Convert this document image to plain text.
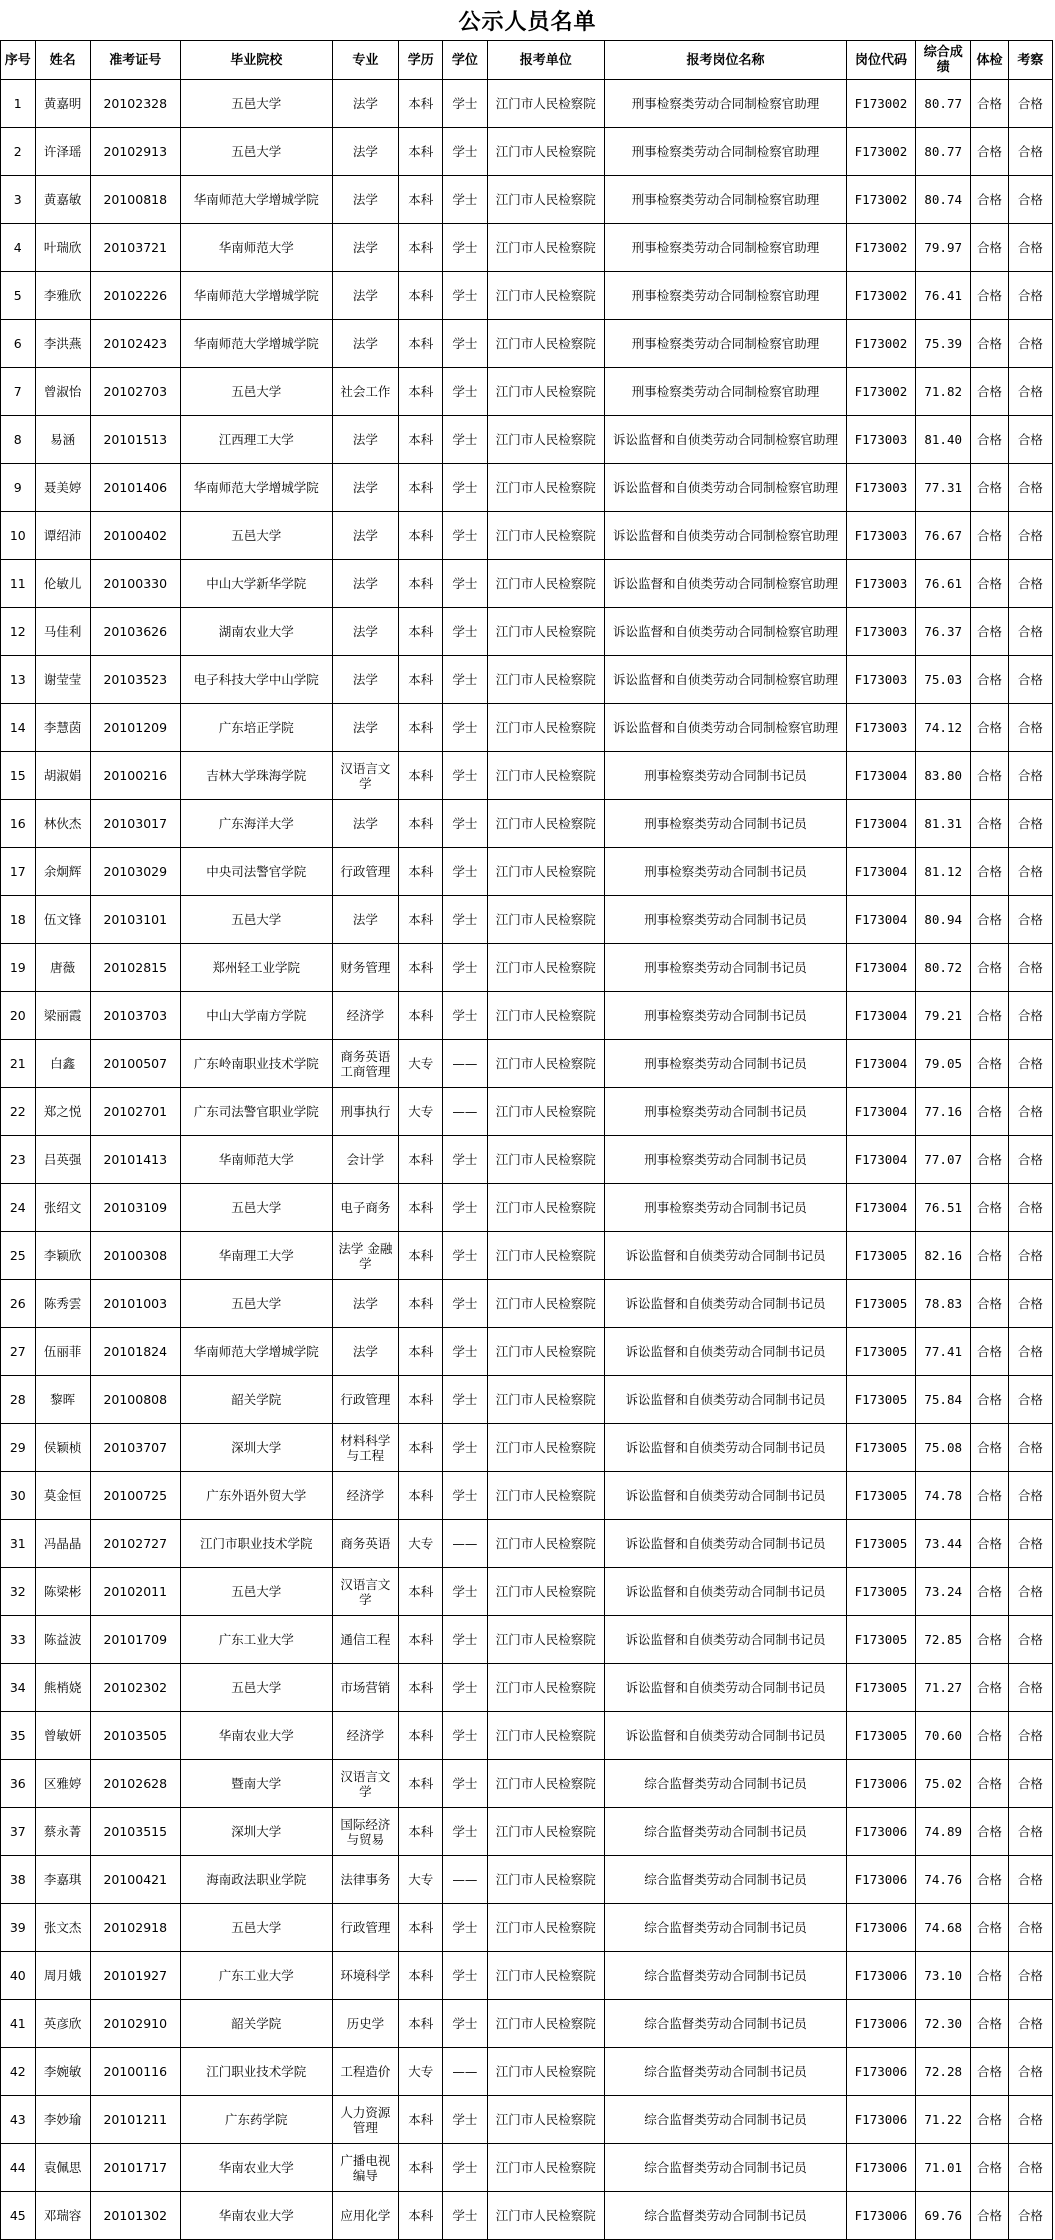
公示人员名单
序号	姓名	准考证号	毕业院校	专业	学历	学位	报考单位	报考岗位名称	岗位代码	综合成绩	体检	考察
1	黄嘉明	20102328	五邑大学	法学	本科	学士	江门市人民检察院	刑事检察类劳动合同制检察官助理	F173002	80.77	合格	合格
2	许泽瑶	20102913	五邑大学	法学	本科	学士	江门市人民检察院	刑事检察类劳动合同制检察官助理	F173002	80.77	合格	合格
3	黄嘉敏	20100818	华南师范大学增城学院	法学	本科	学士	江门市人民检察院	刑事检察类劳动合同制检察官助理	F173002	80.74	合格	合格
4	叶瑞欣	20103721	华南师范大学	法学	本科	学士	江门市人民检察院	刑事检察类劳动合同制检察官助理	F173002	79.97	合格	合格
5	李雅欣	20102226	华南师范大学增城学院	法学	本科	学士	江门市人民检察院	刑事检察类劳动合同制检察官助理	F173002	76.41	合格	合格
6	李洪燕	20102423	华南师范大学增城学院	法学	本科	学士	江门市人民检察院	刑事检察类劳动合同制检察官助理	F173002	75.39	合格	合格
7	曾淑怡	20102703	五邑大学	社会工作	本科	学士	江门市人民检察院	刑事检察类劳动合同制检察官助理	F173002	71.82	合格	合格
8	易涵	20101513	江西理工大学	法学	本科	学士	江门市人民检察院	诉讼监督和自侦类劳动合同制检察官助理	F173003	81.40	合格	合格
9	聂美婷	20101406	华南师范大学增城学院	法学	本科	学士	江门市人民检察院	诉讼监督和自侦类劳动合同制检察官助理	F173003	77.31	合格	合格
10	谭绍沛	20100402	五邑大学	法学	本科	学士	江门市人民检察院	诉讼监督和自侦类劳动合同制检察官助理	F173003	76.67	合格	合格
11	伦敏儿	20100330	中山大学新华学院	法学	本科	学士	江门市人民检察院	诉讼监督和自侦类劳动合同制检察官助理	F173003	76.61	合格	合格
12	马佳利	20103626	湖南农业大学	法学	本科	学士	江门市人民检察院	诉讼监督和自侦类劳动合同制检察官助理	F173003	76.37	合格	合格
13	谢莹莹	20103523	电子科技大学中山学院	法学	本科	学士	江门市人民检察院	诉讼监督和自侦类劳动合同制检察官助理	F173003	75.03	合格	合格
14	李慧茵	20101209	广东培正学院	法学	本科	学士	江门市人民检察院	诉讼监督和自侦类劳动合同制检察官助理	F173003	74.12	合格	合格
15	胡淑娟	20100216	吉林大学珠海学院	汉语言文学	本科	学士	江门市人民检察院	刑事检察类劳动合同制书记员	F173004	83.80	合格	合格
16	林伙杰	20103017	广东海洋大学	法学	本科	学士	江门市人民检察院	刑事检察类劳动合同制书记员	F173004	81.31	合格	合格
17	余炯辉	20103029	中央司法警官学院	行政管理	本科	学士	江门市人民检察院	刑事检察类劳动合同制书记员	F173004	81.12	合格	合格
18	伍文锋	20103101	五邑大学	法学	本科	学士	江门市人民检察院	刑事检察类劳动合同制书记员	F173004	80.94	合格	合格
19	唐薇	20102815	郑州轻工业学院	财务管理	本科	学士	江门市人民检察院	刑事检察类劳动合同制书记员	F173004	80.72	合格	合格
20	梁丽霞	20103703	中山大学南方学院	经济学	本科	学士	江门市人民检察院	刑事检察类劳动合同制书记员	F173004	79.21	合格	合格
21	白鑫	20100507	广东岭南职业技术学院	商务英语工商管理	大专	——	江门市人民检察院	刑事检察类劳动合同制书记员	F173004	79.05	合格	合格
22	郑之悦	20102701	广东司法警官职业学院	刑事执行	大专	——	江门市人民检察院	刑事检察类劳动合同制书记员	F173004	77.16	合格	合格
23	吕英强	20101413	华南师范大学	会计学	本科	学士	江门市人民检察院	刑事检察类劳动合同制书记员	F173004	77.07	合格	合格
24	张绍文	20103109	五邑大学	电子商务	本科	学士	江门市人民检察院	刑事检察类劳动合同制书记员	F173004	76.51	合格	合格
25	李颖欣	20100308	华南理工大学	法学 金融学	本科	学士	江门市人民检察院	诉讼监督和自侦类劳动合同制书记员	F173005	82.16	合格	合格
26	陈秀雲	20101003	五邑大学	法学	本科	学士	江门市人民检察院	诉讼监督和自侦类劳动合同制书记员	F173005	78.83	合格	合格
27	伍丽菲	20101824	华南师范大学增城学院	法学	本科	学士	江门市人民检察院	诉讼监督和自侦类劳动合同制书记员	F173005	77.41	合格	合格
28	黎晖	20100808	韶关学院	行政管理	本科	学士	江门市人民检察院	诉讼监督和自侦类劳动合同制书记员	F173005	75.84	合格	合格
29	侯颖桢	20103707	深圳大学	材料科学与工程	本科	学士	江门市人民检察院	诉讼监督和自侦类劳动合同制书记员	F173005	75.08	合格	合格
30	莫金恒	20100725	广东外语外贸大学	经济学	本科	学士	江门市人民检察院	诉讼监督和自侦类劳动合同制书记员	F173005	74.78	合格	合格
31	冯晶晶	20102727	江门市职业技术学院	商务英语	大专	——	江门市人民检察院	诉讼监督和自侦类劳动合同制书记员	F173005	73.44	合格	合格
32	陈梁彬	20102011	五邑大学	汉语言文学	本科	学士	江门市人民检察院	诉讼监督和自侦类劳动合同制书记员	F173005	73.24	合格	合格
33	陈益波	20101709	广东工业大学	通信工程	本科	学士	江门市人民检察院	诉讼监督和自侦类劳动合同制书记员	F173005	72.85	合格	合格
34	熊梢娆	20102302	五邑大学	市场营销	本科	学士	江门市人民检察院	诉讼监督和自侦类劳动合同制书记员	F173005	71.27	合格	合格
35	曾敏妍	20103505	华南农业大学	经济学	本科	学士	江门市人民检察院	诉讼监督和自侦类劳动合同制书记员	F173005	70.60	合格	合格
36	区雅婷	20102628	暨南大学	汉语言文学	本科	学士	江门市人民检察院	综合监督类劳动合同制书记员	F173006	75.02	合格	合格
37	蔡永菁	20103515	深圳大学	国际经济与贸易	本科	学士	江门市人民检察院	综合监督类劳动合同制书记员	F173006	74.89	合格	合格
38	李嘉琪	20100421	海南政法职业学院	法律事务	大专	——	江门市人民检察院	综合监督类劳动合同制书记员	F173006	74.76	合格	合格
39	张文杰	20102918	五邑大学	行政管理	本科	学士	江门市人民检察院	综合监督类劳动合同制书记员	F173006	74.68	合格	合格
40	周月娥	20101927	广东工业大学	环境科学	本科	学士	江门市人民检察院	综合监督类劳动合同制书记员	F173006	73.10	合格	合格
41	英彦欣	20102910	韶关学院	历史学	本科	学士	江门市人民检察院	综合监督类劳动合同制书记员	F173006	72.30	合格	合格
42	李婉敏	20100116	江门职业技术学院	工程造价	大专	——	江门市人民检察院	综合监督类劳动合同制书记员	F173006	72.28	合格	合格
43	李妙瑜	20101211	广东药学院	人力资源管理	本科	学士	江门市人民检察院	综合监督类劳动合同制书记员	F173006	71.22	合格	合格
44	袁佩思	20101717	华南农业大学	广播电视编导	本科	学士	江门市人民检察院	综合监督类劳动合同制书记员	F173006	71.01	合格	合格
45	邓瑞容	20101302	华南农业大学	应用化学	本科	学士	江门市人民检察院	综合监督类劳动合同制书记员	F173006	69.76	合格	合格
